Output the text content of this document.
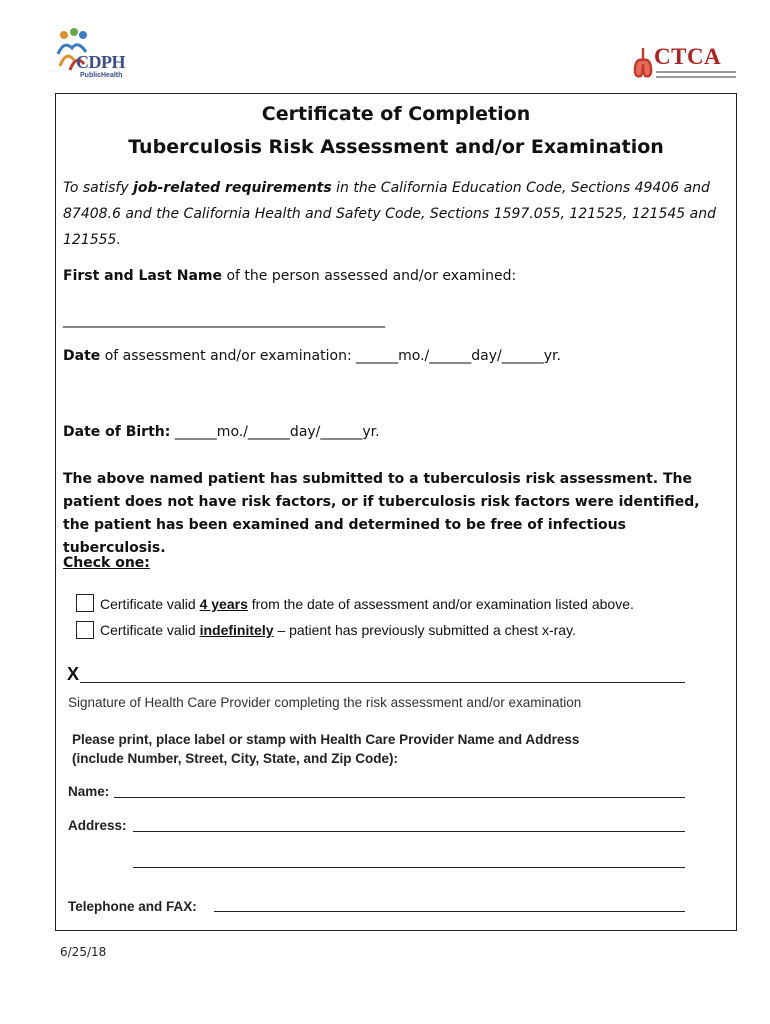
CDPH
PublicHealth
CTCA
Certificate of Completion
Tuberculosis Risk Assessment and/or Examination
To satisfy job-related requirements in the California Education Code, Sections 49406 and 87408.6 and the California Health and Safety Code, Sections 1597.055, 121525, 121545 and 121555.
First and Last Name of the person assessed and/or examined:
______________________________________________
Date of assessment and/or examination: ______mo./______day/______yr.
Date of Birth: ______mo./______day/______yr.
The above named patient has submitted to a tuberculosis risk assessment. The patient does not have risk factors, or if tuberculosis risk factors were identified, the patient has been examined and determined to be free of infectious tuberculosis.
Check one:
Certificate valid 4 years from the date of assessment and/or examination listed above.
Certificate valid indefinitely – patient has previously submitted a chest x-ray.
X
Signature of Health Care Provider completing the risk assessment and/or examination
Please print, place label or stamp with Health Care Provider Name and Address
(include Number, Street, City, State, and Zip Code):
Name:
Address:
Telephone and FAX:
6/25/18
